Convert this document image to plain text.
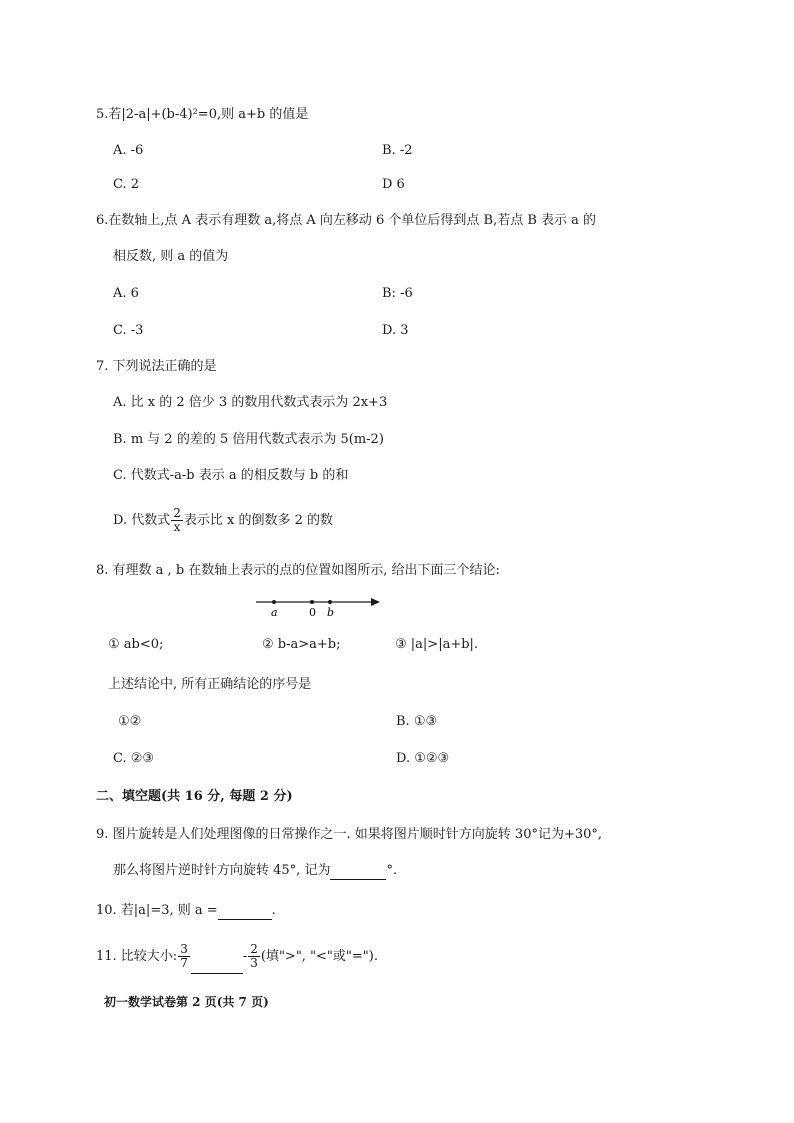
5.若|2-a|+(b-4)²=0,则 a+b 的值是
A. -6	B. -2
C. 2	D 6
6.在数轴上,点 A 表示有理数 a,将点 A 向左移动 6 个单位后得到点 B,若点 B 表示 a 的
相反数, 则 a 的值为
A. 6	B: -6
C. -3	D. 3
7. 下列说法正确的是
A. 比 x 的 2 倍少 3 的数用代数式表示为 2x+3
B. m 与 2 的差的 5 倍用代数式表示为 5(m-2)
C. 代数式-a-b 表示 a 的相反数与 b 的和
D. 代数式 $\frac{2}{x}$ 表示比 x 的倒数多 2 的数
8. 有理数 a , b 在数轴上表示的点的位置如图所示, 给出下面三个结论:
a	0 b
① ab<0;	② b-a>a+b;	③ |a|>|a+b|.
上述结论中, 所有正确结论的序号是
①②	B. ①③
C. ②③	D. ①②③
二、填空题(共 16 分, 每题 2 分)
9. 图片旋转是人们处理图像的日常操作之一. 如果将图片顺时针方向旋转 30°记为+30°,
那么将图片逆时针方向旋转 45°, 记为	°.
10. 若|a|=3, 则 a =	.
11. 比较大小: $\frac{3}{7}$	- $\frac{2}{3}$ (填">", "<"或"=").
初一数学试卷第 2 页(共 7 页)
